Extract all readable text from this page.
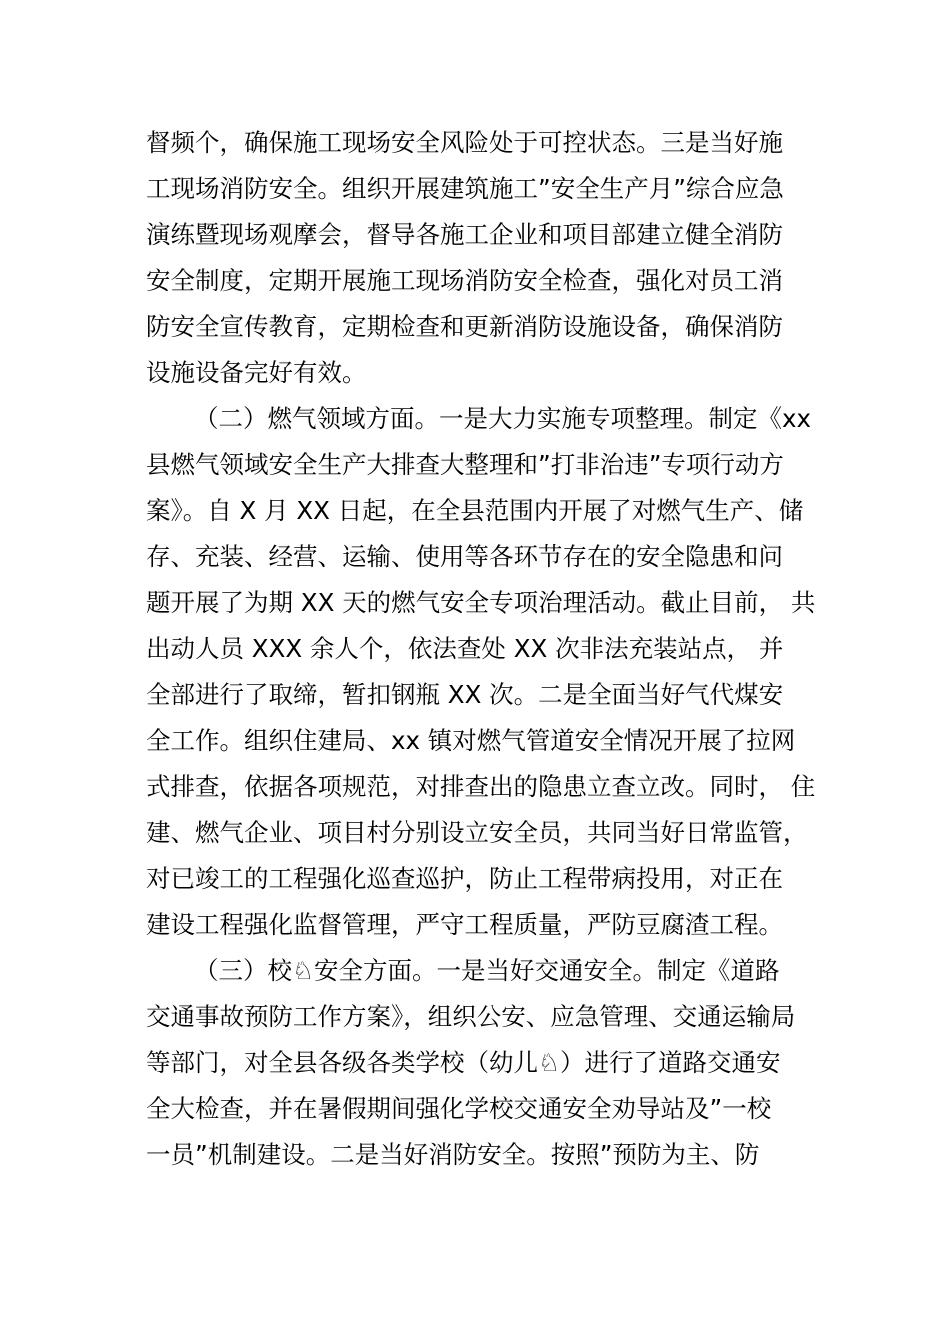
督频个，确保施工现场安全风险处于可控状态。三是当好施
工现场消防安全。组织开展建筑施工”安全生产月”综合应急
演练暨现场观摩会，督导各施工企业和项目部建立健全消防
安全制度，定期开展施工现场消防安全检查，强化对员工消
防安全宣传教育，定期检查和更新消防设施设备，确保消防
设施设备完好有效。
（二）燃气领域方面。一是大力实施专项整理。制定《xx
县燃气领域安全生产大排查大整理和”打非治违”专项行动方
案》。自 X 月 XX 日起，在全县范围内开展了对燃气生产、储
存、充装、经营、运输、使用等各环节存在的安全隐患和问
题开展了为期 XX 天的燃气安全专项治理活动。截止目前， 共
出动人员 XXX 余人个，依法查处 XX 次非法充装站点， 并
全部进行了取缔，暂扣钢瓶 XX 次。二是全面当好气代煤安
全工作。组织住建局、xx 镇对燃气管道安全情况开展了拉网
式排查，依据各项规范，对排查出的隐患立查立改。同时， 住
建、燃气企业、项目村分别设立安全员，共同当好日常监管，
对已竣工的工程强化巡查巡护，防止工程带病投用，对正在
建设工程强化监督管理，严守工程质量，严防豆腐渣工程。
（三）校♘安全方面。一是当好交通安全。制定《道路
交通事故预防工作方案》，组织公安、应急管理、交通运输局
等部门，对全县各级各类学校（幼儿♘）进行了道路交通安
全大检查，并在暑假期间强化学校交通安全劝导站及”一校
一员”机制建设。二是当好消防安全。按照”预防为主、防
